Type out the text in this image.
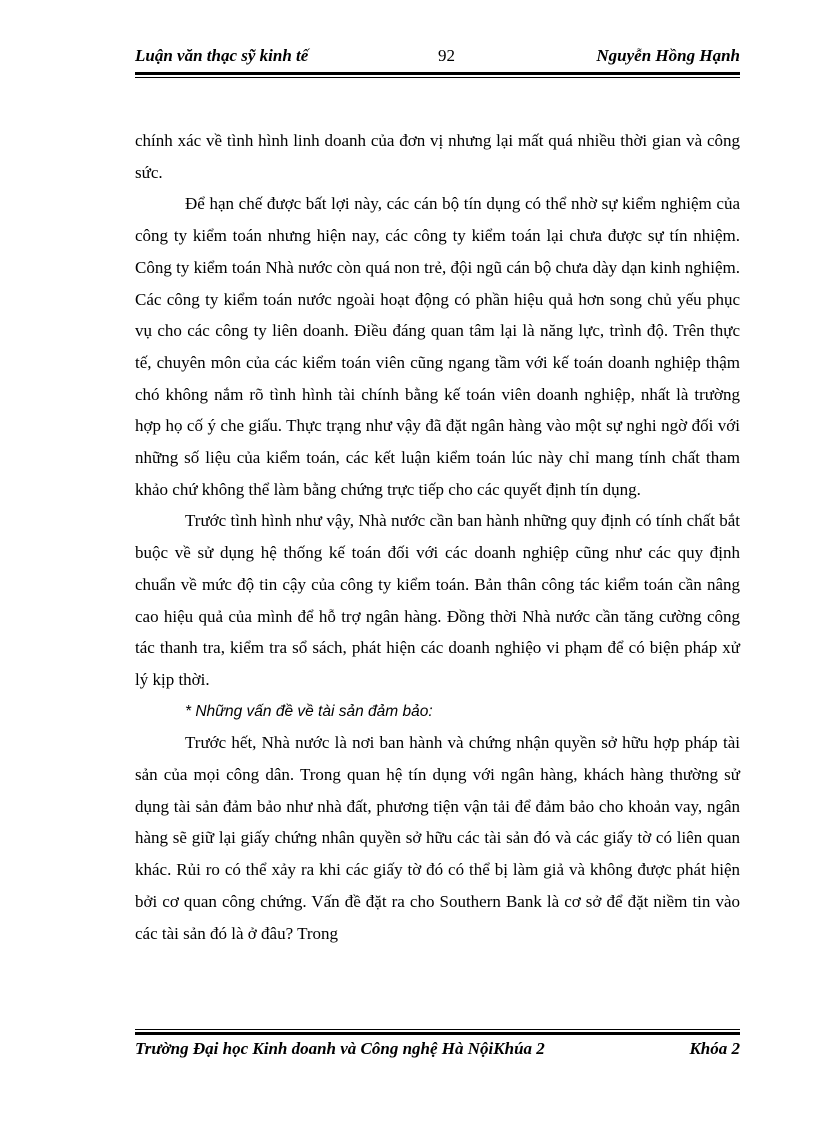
Luận văn thạc sỹ kinh tế	92	Nguyễn Hồng Hạnh

chính xác về tình hình linh doanh của đơn vị nhưng lại mất quá nhiều thời gian và công sức.

Để hạn chế được bất lợi này, các cán bộ tín dụng có thể nhờ sự kiểm nghiệm của công ty kiểm toán nhưng hiện nay, các công ty kiểm toán lại chưa được sự tín nhiệm. Công ty kiểm toán Nhà nước còn quá non trẻ, đội ngũ cán bộ chưa dày dạn kinh nghiệm. Các công ty kiểm toán nước ngoài hoạt động có phần hiệu quả hơn song chủ yếu phục vụ cho các công ty liên doanh. Điều đáng quan tâm lại là năng lực, trình độ. Trên thực tế, chuyên môn của các kiểm toán viên cũng ngang tầm với kế toán doanh nghiệp thậm chó không nắm rõ tình hình tài chính bằng kế toán viên doanh nghiệp, nhất là trường hợp họ cố ý che giấu. Thực trạng như vậy đã đặt ngân hàng vào một sự nghi ngờ đối với những số liệu của kiểm toán, các kết luận kiểm toán lúc này chỉ mang tính chất tham khảo chứ không thể làm bằng chứng trực tiếp cho các quyết định tín dụng.

Trước tình hình như vậy, Nhà nước cần ban hành những quy định có tính chất bắt buộc về sử dụng hệ thống kế toán đối với các doanh nghiệp cũng như các quy định chuẩn về mức độ tin cậy của công ty kiểm toán. Bản thân công tác kiểm toán cần nâng cao hiệu quả của mình để hỗ trợ ngân hàng. Đồng thời Nhà nước cần tăng cường công tác thanh tra, kiểm tra sổ sách, phát hiện các doanh nghiệo vi phạm để có biện pháp xử lý kịp thời.

* Những vấn đề về tài sản đảm bảo:

Trước hết, Nhà nước là nơi ban hành và chứng nhận quyền sở hữu hợp pháp tài sản của mọi công dân. Trong quan hệ tín dụng với ngân hàng, khách hàng thường sử dụng tài sản đảm bảo như nhà đất, phương tiện vận tải để đảm bảo cho khoản vay, ngân hàng sẽ giữ lại giấy chứng nhân quyền sở hữu các tài sản đó và các giấy tờ có liên quan khác. Rủi ro có thể xảy ra khi các giấy tờ đó có thể bị làm giả và không được phát hiện bởi cơ quan công chứng. Vấn đề đặt ra cho Southern Bank là cơ sở để đặt niềm tin vào các tài sản đó là ở đâu? Trong

Trường Đại học Kinh doanh và Công nghệ Hà NộiKhúa 2	Khóa 2
